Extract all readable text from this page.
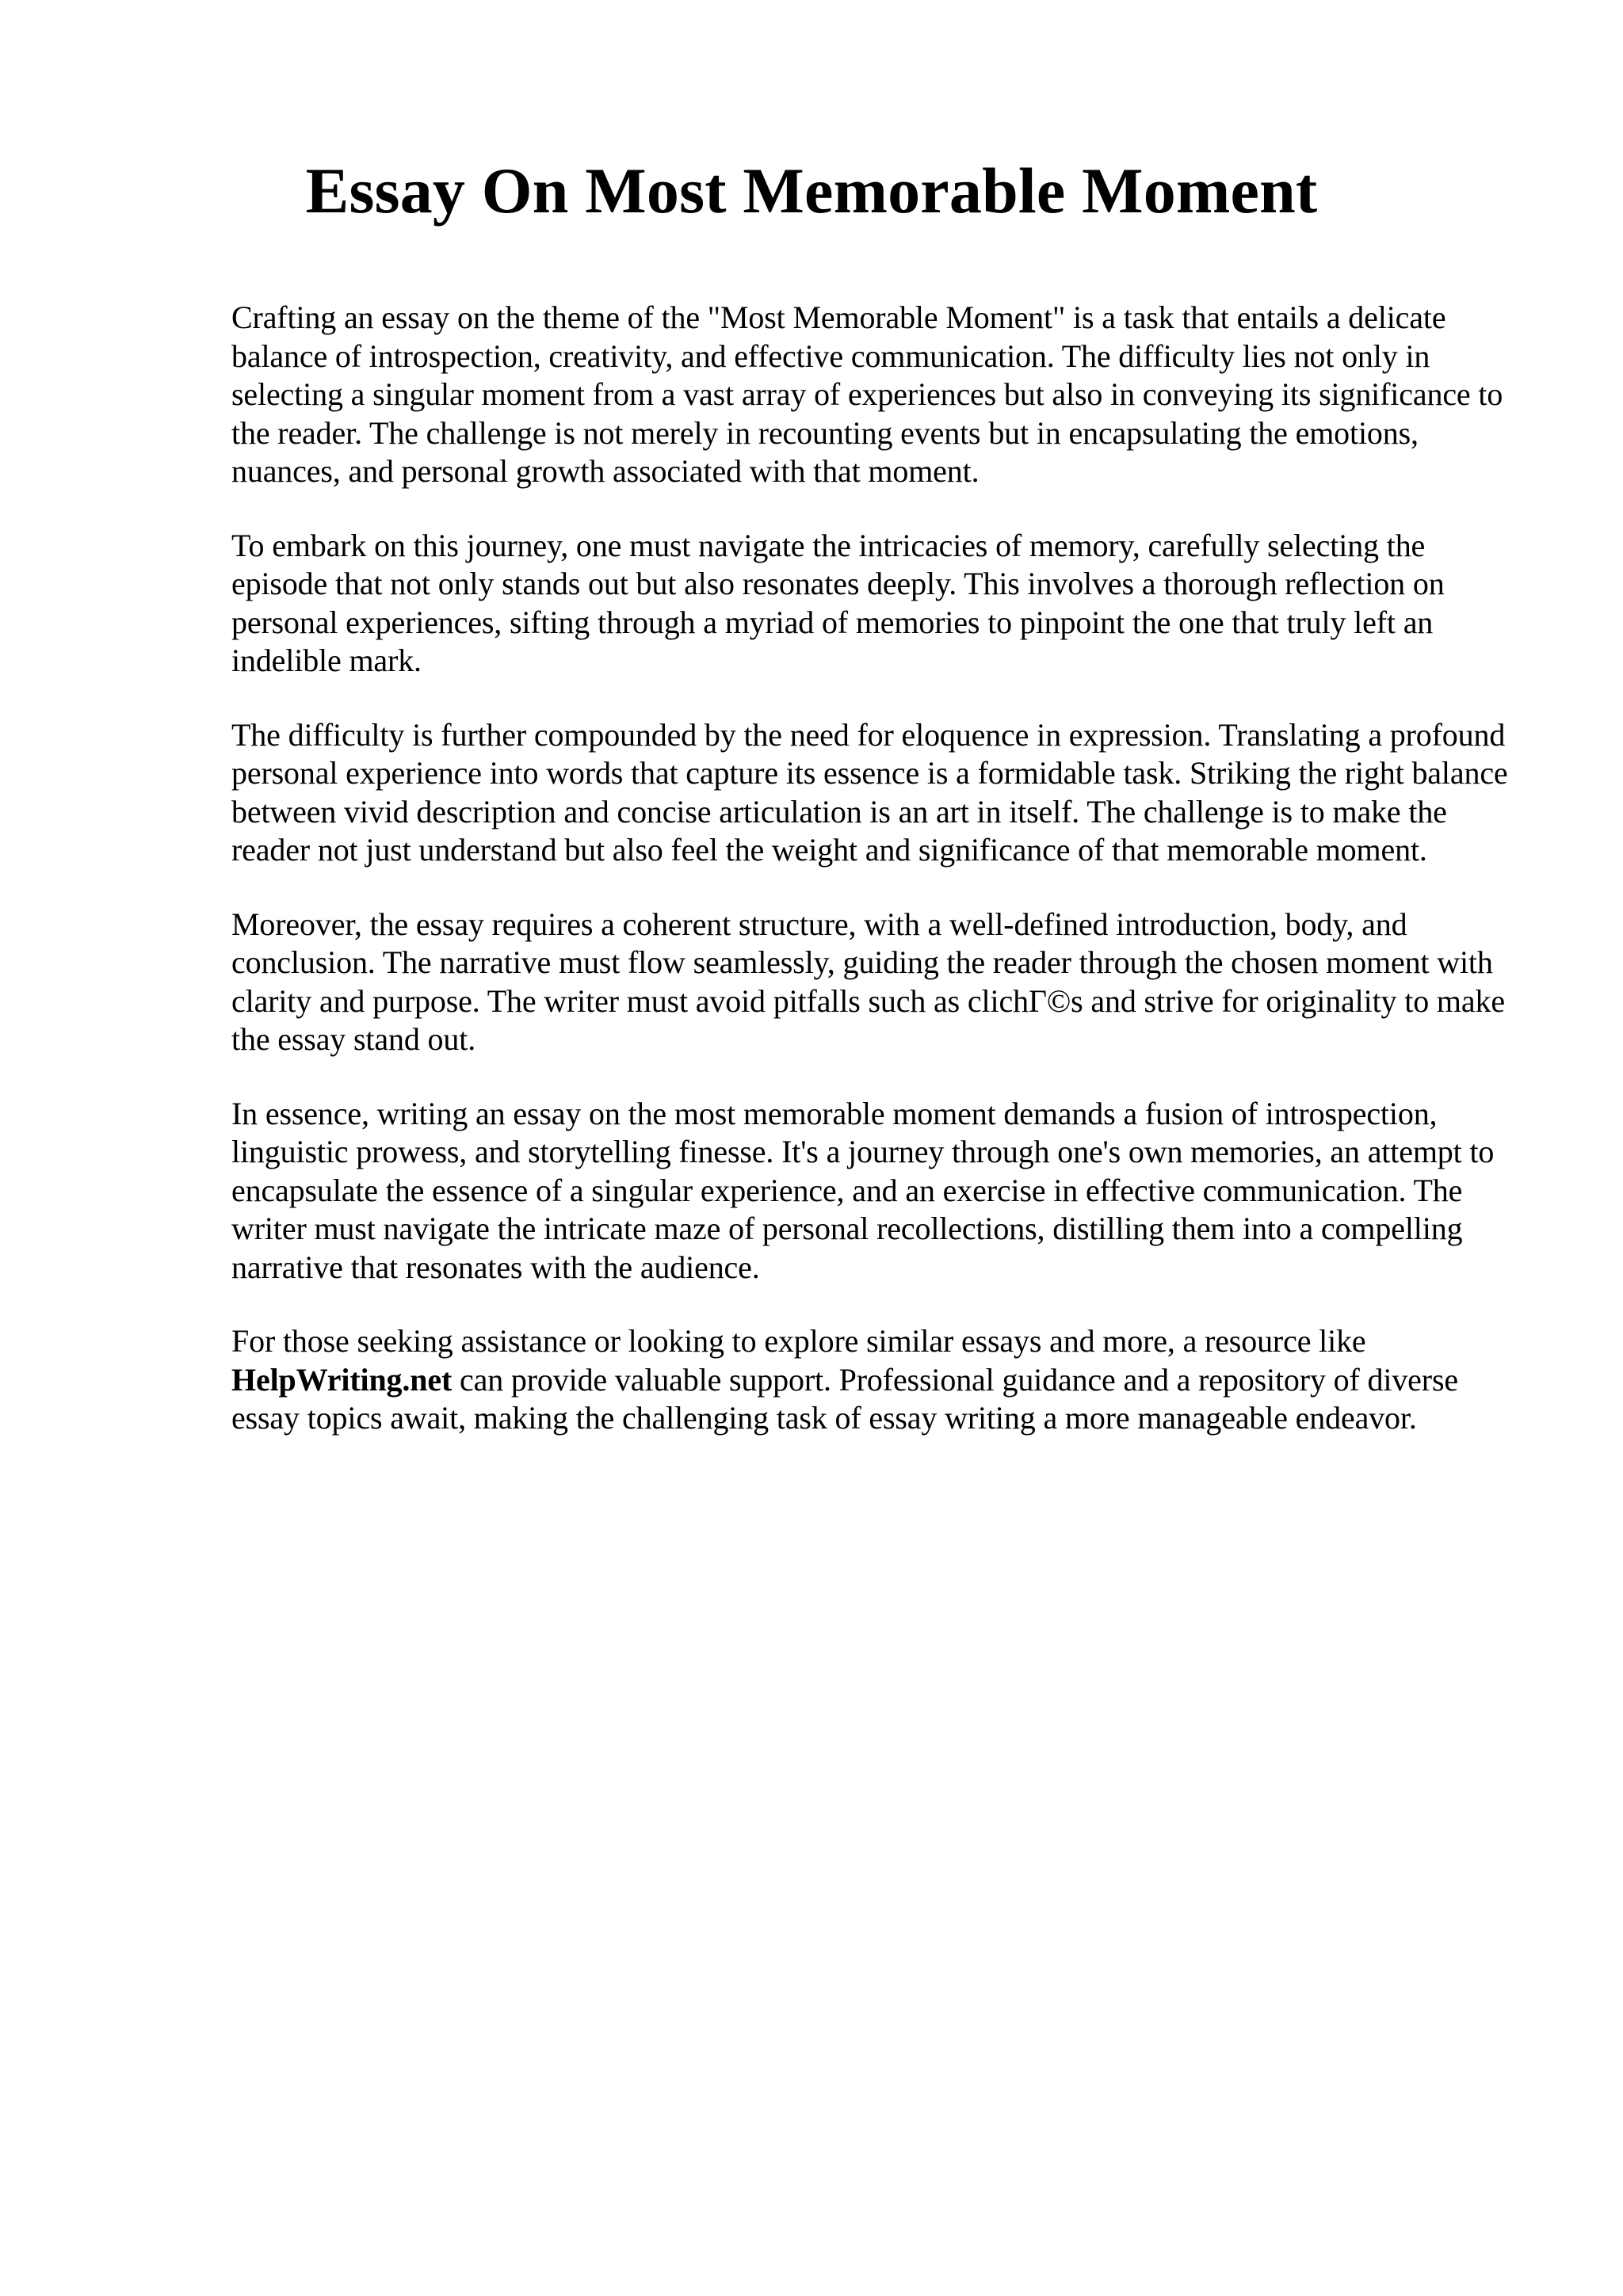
Essay On Most Memorable Moment

Crafting an essay on the theme of the "Most Memorable Moment" is a task that entails a delicate balance of introspection, creativity, and effective communication. The difficulty lies not only in selecting a singular moment from a vast array of experiences but also in conveying its significance to the reader. The challenge is not merely in recounting events but in encapsulating the emotions, nuances, and personal growth associated with that moment.

To embark on this journey, one must navigate the intricacies of memory, carefully selecting the episode that not only stands out but also resonates deeply. This involves a thorough reflection on personal experiences, sifting through a myriad of memories to pinpoint the one that truly left an indelible mark.

The difficulty is further compounded by the need for eloquence in expression. Translating a profound personal experience into words that capture its essence is a formidable task. Striking the right balance between vivid description and concise articulation is an art in itself. The challenge is to make the reader not just understand but also feel the weight and significance of that memorable moment.

Moreover, the essay requires a coherent structure, with a well-defined introduction, body, and conclusion. The narrative must flow seamlessly, guiding the reader through the chosen moment with clarity and purpose. The writer must avoid pitfalls such as clichГ©s and strive for originality to make the essay stand out.

In essence, writing an essay on the most memorable moment demands a fusion of introspection, linguistic prowess, and storytelling finesse. It's a journey through one's own memories, an attempt to encapsulate the essence of a singular experience, and an exercise in effective communication. The writer must navigate the intricate maze of personal recollections, distilling them into a compelling narrative that resonates with the audience.

For those seeking assistance or looking to explore similar essays and more, a resource like HelpWriting.net can provide valuable support. Professional guidance and a repository of diverse essay topics await, making the challenging task of essay writing a more manageable endeavor.
